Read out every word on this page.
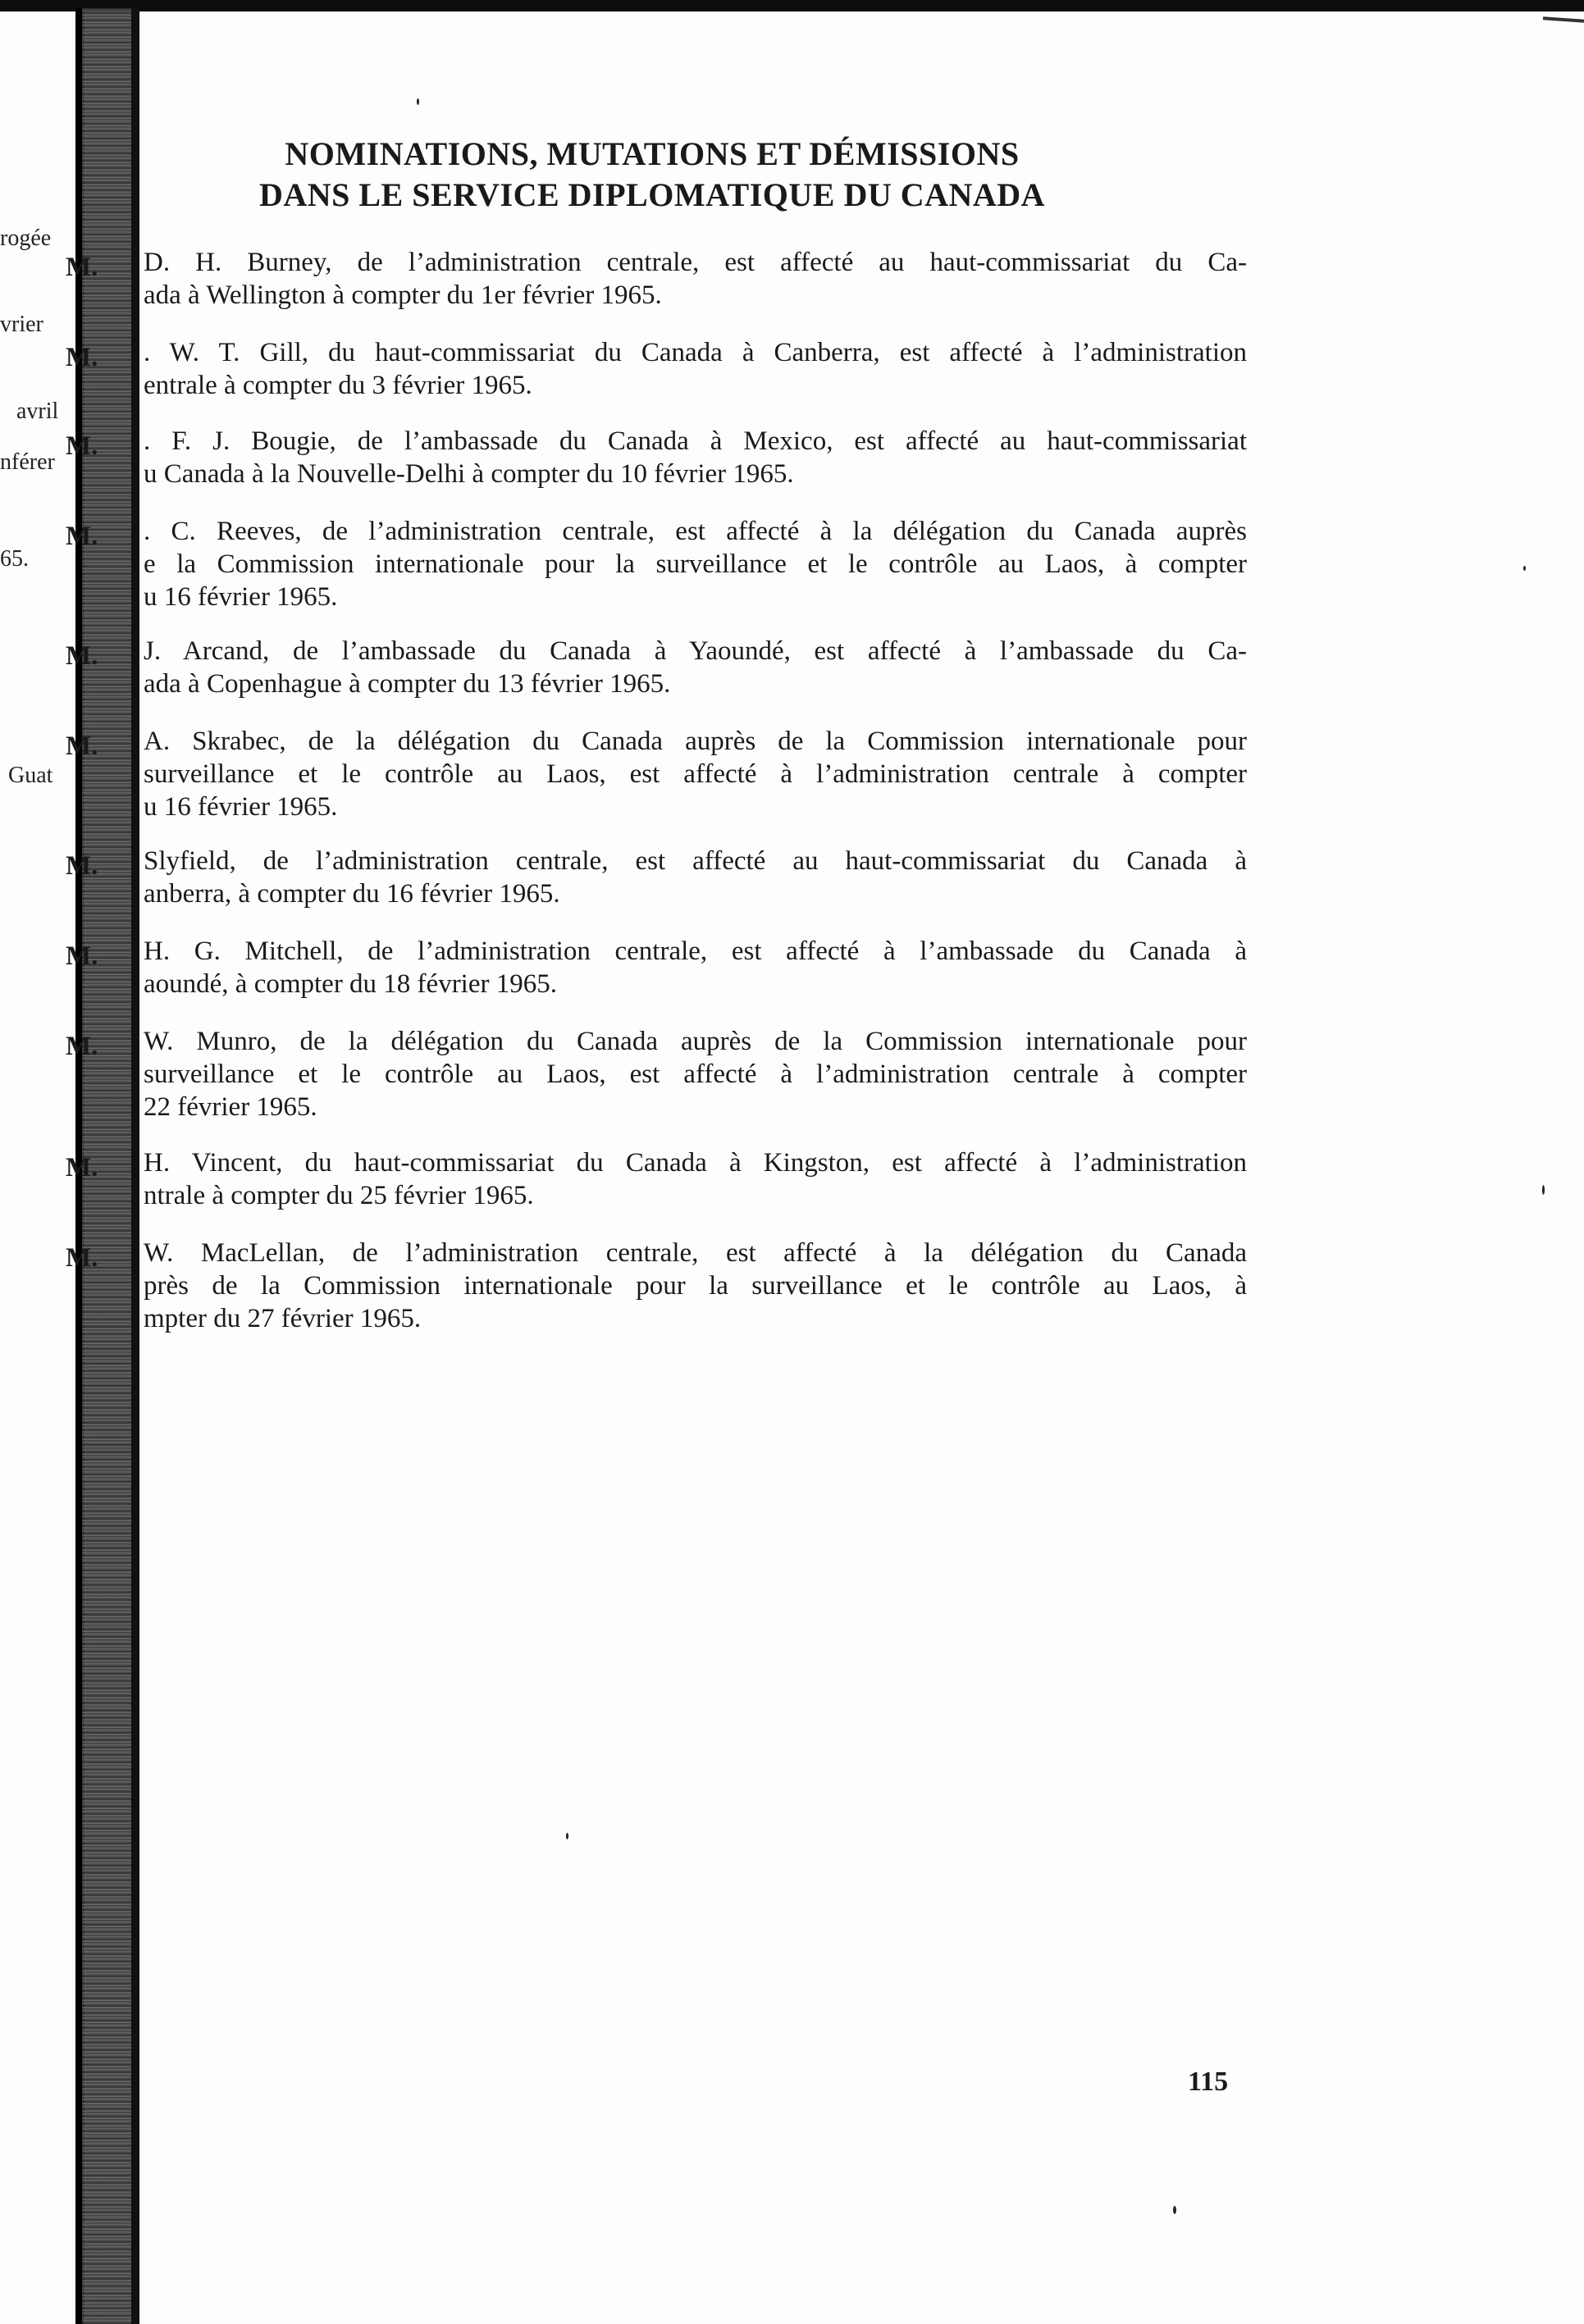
rogée
vrier
avril
nférer
65.
Guat
NOMINATIONS, MUTATIONS ET DÉMISSIONS
DANS LE SERVICE DIPLOMATIQUE DU CANADA
M. D. H. Burney, de l’administration centrale, est affecté au haut-commissariat du Ca-
ada à Wellington à compter du 1er février 1965.
M. . W. T. Gill, du haut-commissariat du Canada à Canberra, est affecté à l’administration
entrale à compter du 3 février 1965.
M. . F. J. Bougie, de l’ambassade du Canada à Mexico, est affecté au haut-commissariat
u Canada à la Nouvelle-Delhi à compter du 10 février 1965.
M. . C. Reeves, de l’administration centrale, est affecté à la délégation du Canada auprès
e la Commission internationale pour la surveillance et le contrôle au Laos, à compter
u 16 février 1965.
M. J. Arcand, de l’ambassade du Canada à Yaoundé, est affecté à l’ambassade du Ca-
ada à Copenhague à compter du 13 février 1965.
M. A. Skrabec, de la délégation du Canada auprès de la Commission internationale pour
surveillance et le contrôle au Laos, est affecté à l’administration centrale à compter
u 16 février 1965.
M. Slyfield, de l’administration centrale, est affecté au haut-commissariat du Canada à
anberra, à compter du 16 février 1965.
M. H. G. Mitchell, de l’administration centrale, est affecté à l’ambassade du Canada à
aoundé, à compter du 18 février 1965.
M. W. Munro, de la délégation du Canada auprès de la Commission internationale pour
surveillance et le contrôle au Laos, est affecté à l’administration centrale à compter
22 février 1965.
M. H. Vincent, du haut-commissariat du Canada à Kingston, est affecté à l’administration
ntrale à compter du 25 février 1965.
M. W. MacLellan, de l’administration centrale, est affecté à la délégation du Canada
près de la Commission internationale pour la surveillance et le contrôle au Laos, à
mpter du 27 février 1965.
115
